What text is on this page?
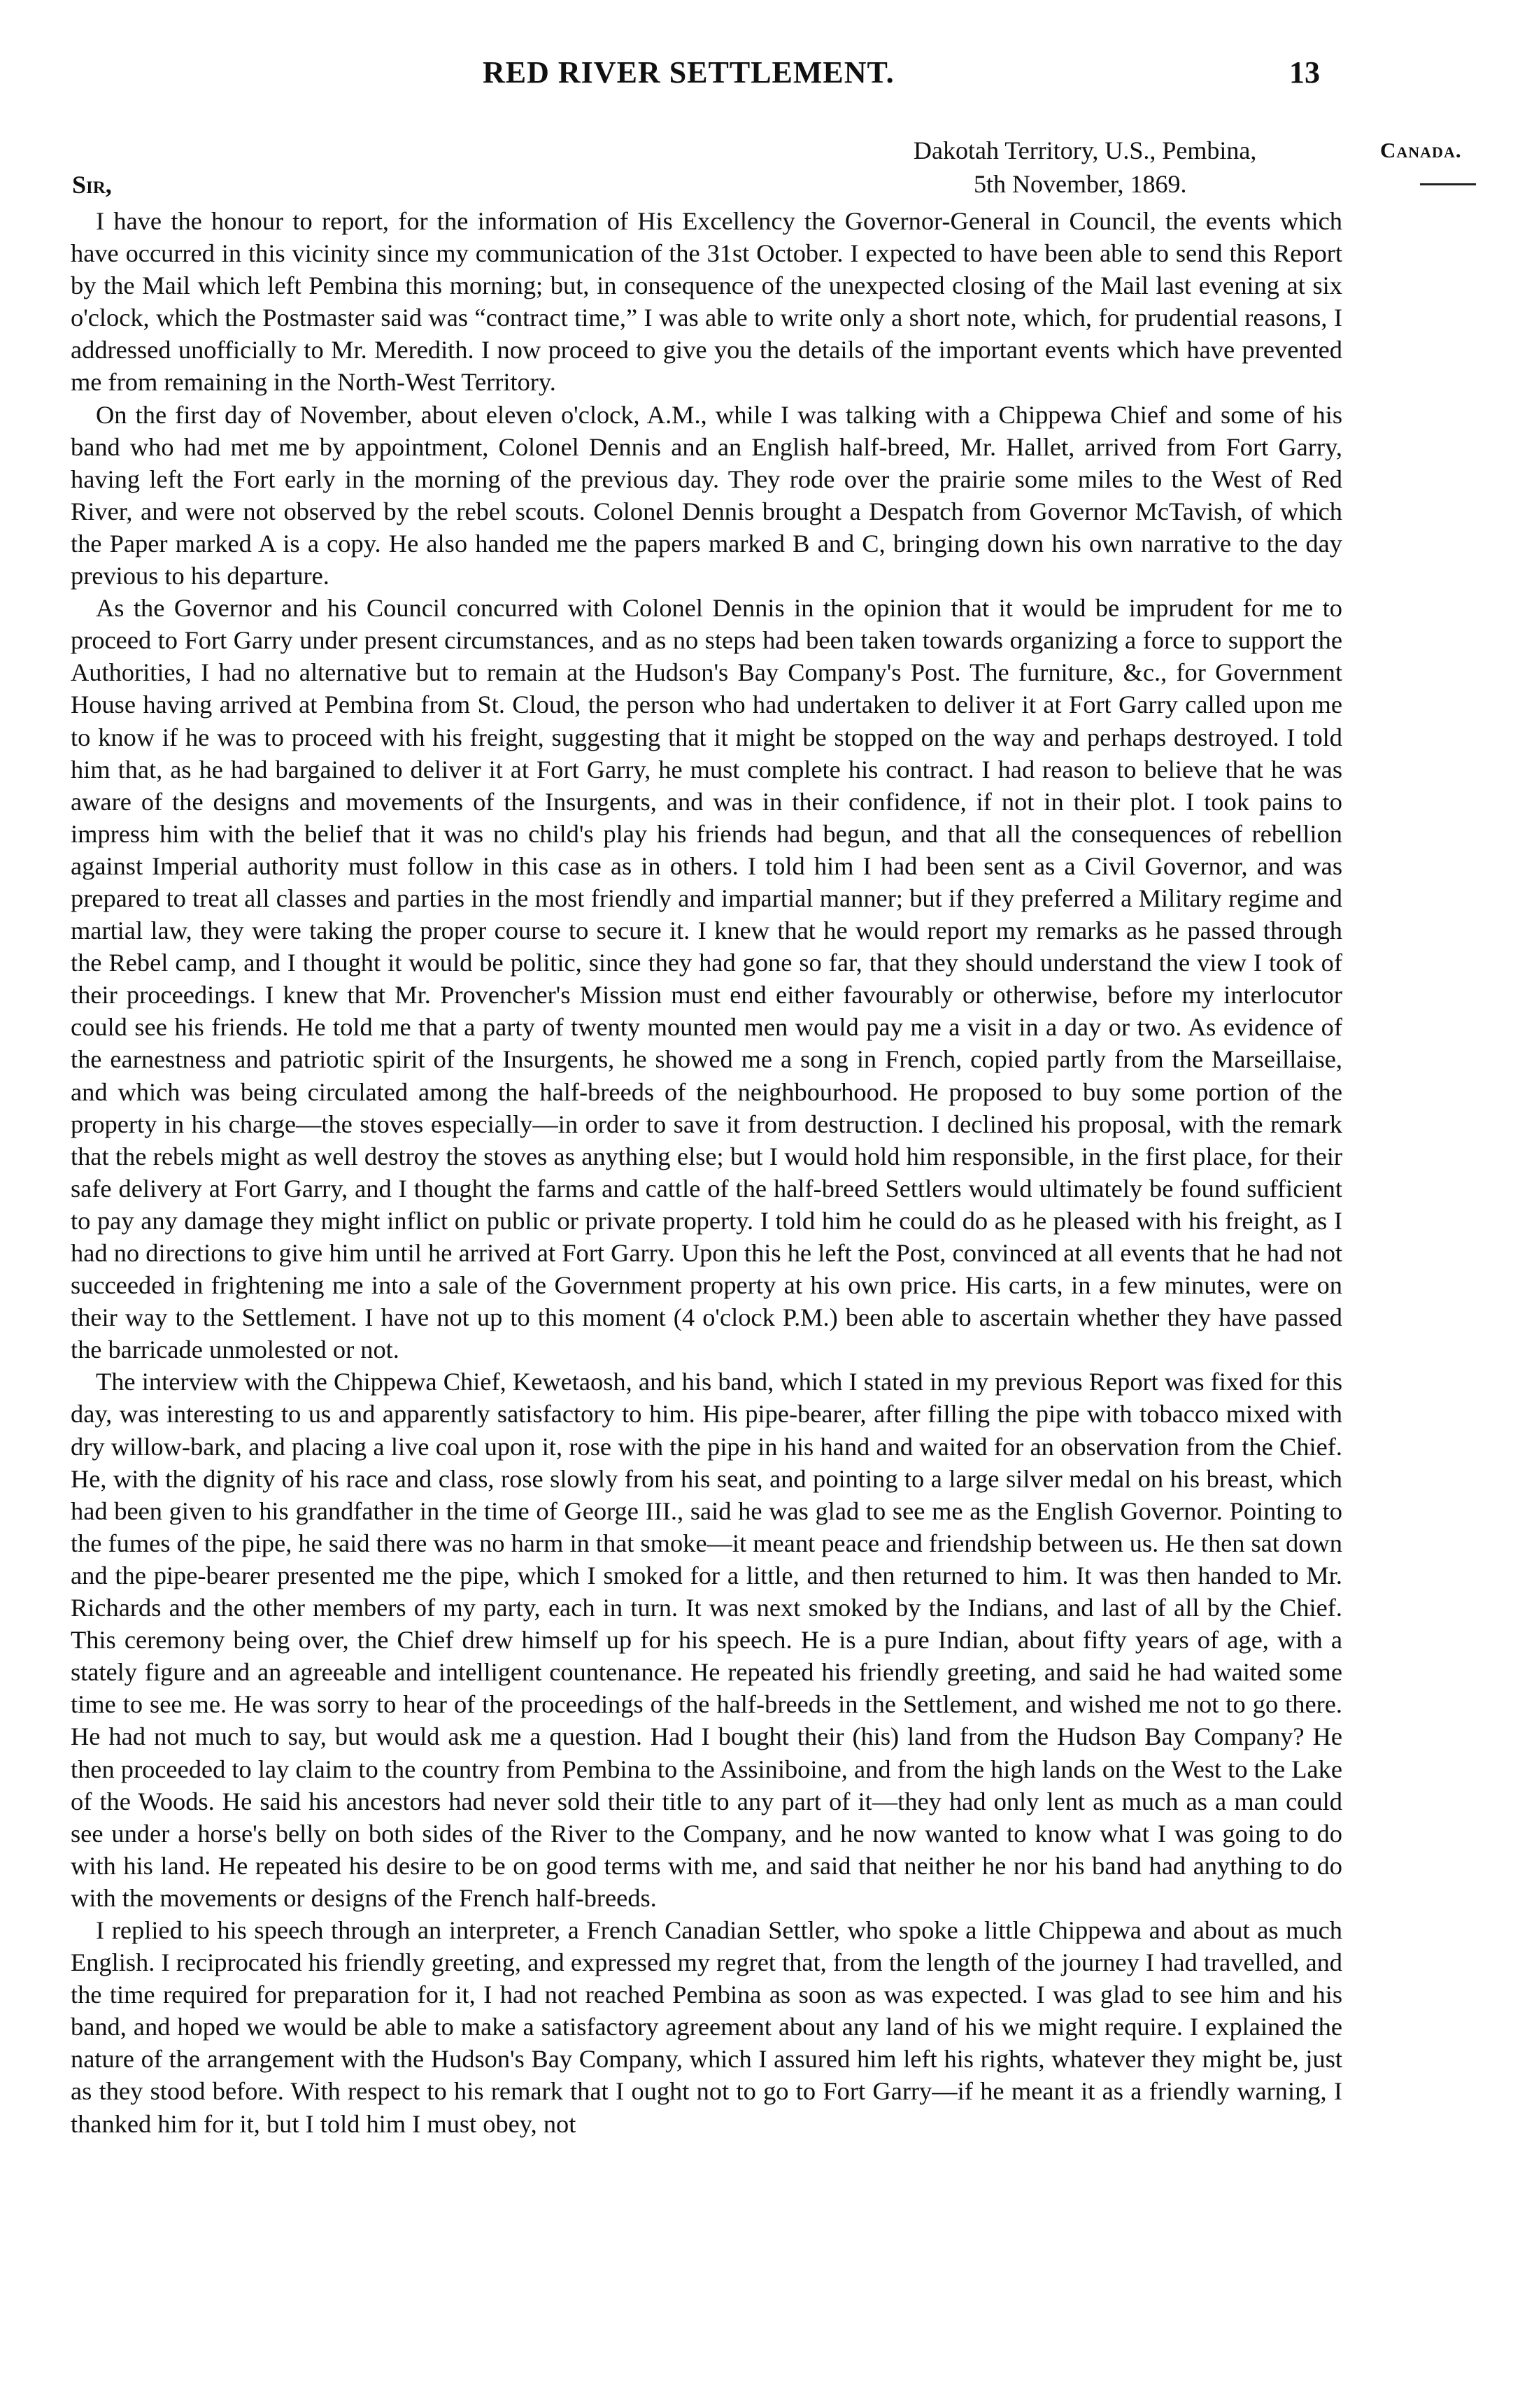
RED RIVER SETTLEMENT.	13
Canada.
Dakotah Territory, U.S., Pembina,
5th November, 1869.
Sir,

I have the honour to report, for the information of His Excellency the Governor-General in Council, the events which have occurred in this vicinity since my communication of the 31st October. I expected to have been able to send this Report by the Mail which left Pembina this morning; but, in consequence of the unexpected closing of the Mail last evening at six o'clock, which the Postmaster said was “contract time,” I was able to write only a short note, which, for prudential reasons, I addressed unofficially to Mr. Meredith. I now proceed to give you the details of the important events which have prevented me from remaining in the North-West Territory.

On the first day of November, about eleven o'clock, A.M., while I was talking with a Chippewa Chief and some of his band who had met me by appointment, Colonel Dennis and an English half-breed, Mr. Hallet, arrived from Fort Garry, having left the Fort early in the morning of the previous day. They rode over the prairie some miles to the West of Red River, and were not observed by the rebel scouts. Colonel Dennis brought a Despatch from Governor McTavish, of which the Paper marked A is a copy. He also handed me the papers marked B and C, bringing down his own narrative to the day previous to his departure.

As the Governor and his Council concurred with Colonel Dennis in the opinion that it would be imprudent for me to proceed to Fort Garry under present circumstances, and as no steps had been taken towards organizing a force to support the Authorities, I had no alternative but to remain at the Hudson's Bay Company's Post. The furniture, &c., for Government House having arrived at Pembina from St. Cloud, the person who had undertaken to deliver it at Fort Garry called upon me to know if he was to proceed with his freight, suggesting that it might be stopped on the way and perhaps destroyed. I told him that, as he had bargained to deliver it at Fort Garry, he must complete his contract. I had reason to believe that he was aware of the designs and movements of the Insurgents, and was in their confidence, if not in their plot. I took pains to impress him with the belief that it was no child's play his friends had begun, and that all the consequences of rebellion against Imperial authority must follow in this case as in others. I told him I had been sent as a Civil Governor, and was prepared to treat all classes and parties in the most friendly and impartial manner; but if they preferred a Military regime and martial law, they were taking the proper course to secure it. I knew that he would report my remarks as he passed through the Rebel camp, and I thought it would be politic, since they had gone so far, that they should understand the view I took of their proceedings. I knew that Mr. Provencher's Mission must end either favourably or otherwise, before my interlocutor could see his friends. He told me that a party of twenty mounted men would pay me a visit in a day or two. As evidence of the earnestness and patriotic spirit of the Insurgents, he showed me a song in French, copied partly from the Marseillaise, and which was being circulated among the half-breeds of the neighbourhood. He proposed to buy some portion of the property in his charge—the stoves especially—in order to save it from destruction. I declined his proposal, with the remark that the rebels might as well destroy the stoves as anything else; but I would hold him responsible, in the first place, for their safe delivery at Fort Garry, and I thought the farms and cattle of the half-breed Settlers would ultimately be found sufficient to pay any damage they might inflict on public or private property. I told him he could do as he pleased with his freight, as I had no directions to give him until he arrived at Fort Garry. Upon this he left the Post, convinced at all events that he had not succeeded in frightening me into a sale of the Government property at his own price. His carts, in a few minutes, were on their way to the Settlement. I have not up to this moment (4 o'clock P.M.) been able to ascertain whether they have passed the barricade unmolested or not.

The interview with the Chippewa Chief, Kewetaosh, and his band, which I stated in my previous Report was fixed for this day, was interesting to us and apparently satisfactory to him. His pipe-bearer, after filling the pipe with tobacco mixed with dry willow-bark, and placing a live coal upon it, rose with the pipe in his hand and waited for an observation from the Chief. He, with the dignity of his race and class, rose slowly from his seat, and pointing to a large silver medal on his breast, which had been given to his grandfather in the time of George III., said he was glad to see me as the English Governor. Pointing to the fumes of the pipe, he said there was no harm in that smoke—it meant peace and friendship between us. He then sat down and the pipe-bearer presented me the pipe, which I smoked for a little, and then returned to him. It was then handed to Mr. Richards and the other members of my party, each in turn. It was next smoked by the Indians, and last of all by the Chief. This ceremony being over, the Chief drew himself up for his speech. He is a pure Indian, about fifty years of age, with a stately figure and an agreeable and intelligent countenance. He repeated his friendly greeting, and said he had waited some time to see me. He was sorry to hear of the proceedings of the half-breeds in the Settlement, and wished me not to go there. He had not much to say, but would ask me a question. Had I bought their (his) land from the Hudson Bay Company? He then proceeded to lay claim to the country from Pembina to the Assiniboine, and from the high lands on the West to the Lake of the Woods. He said his ancestors had never sold their title to any part of it—they had only lent as much as a man could see under a horse's belly on both sides of the River to the Company, and he now wanted to know what I was going to do with his land. He repeated his desire to be on good terms with me, and said that neither he nor his band had anything to do with the movements or designs of the French half-breeds.

I replied to his speech through an interpreter, a French Canadian Settler, who spoke a little Chippewa and about as much English. I reciprocated his friendly greeting, and expressed my regret that, from the length of the journey I had travelled, and the time required for preparation for it, I had not reached Pembina as soon as was expected. I was glad to see him and his band, and hoped we would be able to make a satisfactory agreement about any land of his we might require. I explained the nature of the arrangement with the Hudson's Bay Company, which I assured him left his rights, whatever they might be, just as they stood before. With respect to his remark that I ought not to go to Fort Garry—if he meant it as a friendly warning, I thanked him for it, but I told him I must obey, not
